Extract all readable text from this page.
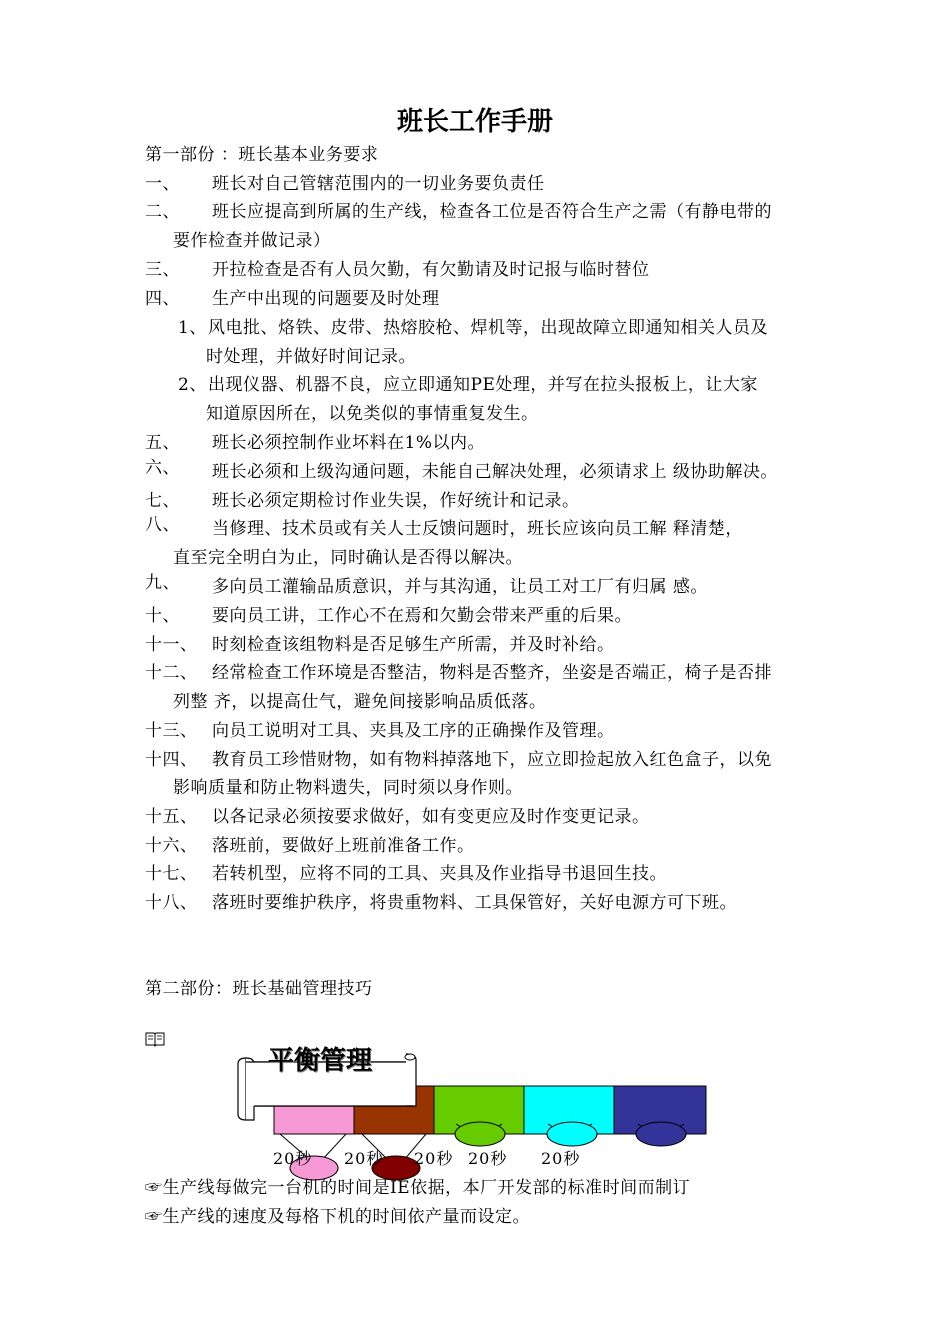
班长工作手册
第一部份 ：班长基本业务要求
一、 班长对自己管辖范围内的一切业务要负责任
二、 班长应提高到所属的生产线，检查各工位是否符合生产之需（有静电带的
要作检查并做记录）
三、 开拉检查是否有人员欠勤，有欠勤请及时记报与临时替位
四、 生产中出现的问题要及时处理
1、 风电批、烙铁、皮带、热熔胶枪、焊机等，出现故障立即通知相关人员及
时处理，并做好时间记录。
2、 出现仪器、机器不良，应立即通知PE处理，并写在拉头报板上，让大家
知道原因所在，以免类似的事情重复发生。
五、 班长必须控制作业坏料在1%以内。
六、 班长必须和上级沟通问题，未能自己解决处理，必须请求上 级协助解决。
七、 班长必须定期检讨作业失误，作好统计和记录。
八、 当修理、技术员或有关人士反馈问题时，班长应该向员工解 释清楚，
直至完全明白为止，同时确认是否得以解决。
九、 多向员工灌输品质意识，并与其沟通，让员工对工厂有归属 感。
十、 要向员工讲，工作心不在焉和欠勤会带来严重的后果。
十一、 时刻检查该组物料是否足够生产所需，并及时补给。
十二、 经常检查工作环境是否整洁，物料是否整齐，坐姿是否端正，椅子是否排
列整 齐，以提高仕气，避免间接影响品质低落。
十三、 向员工说明对工具、夹具及工序的正确操作及管理。
十四、 教育员工珍惜财物，如有物料掉落地下，应立即捡起放入红色盒子，以免
影响质量和防止物料遗失，同时须以身作则。
十五、 以各记录必须按要求做好，如有变更应及时作变更记录。
十六、 落班前，要做好上班前准备工作。
十七、 若转机型，应将不同的工具、夹具及作业指导书退回生技。
十八、 落班时要维护秩序，将贵重物料、工具保管好，关好电源方可下班。
第二部份：班长基础管理技巧
平衡管理
20秒 20秒 20秒 20秒 20秒
☞生产线每做完一台机的时间是IE依据，本厂开发部的标准时间而制订
☞生产线的速度及每格下机的时间依产量而设定。
